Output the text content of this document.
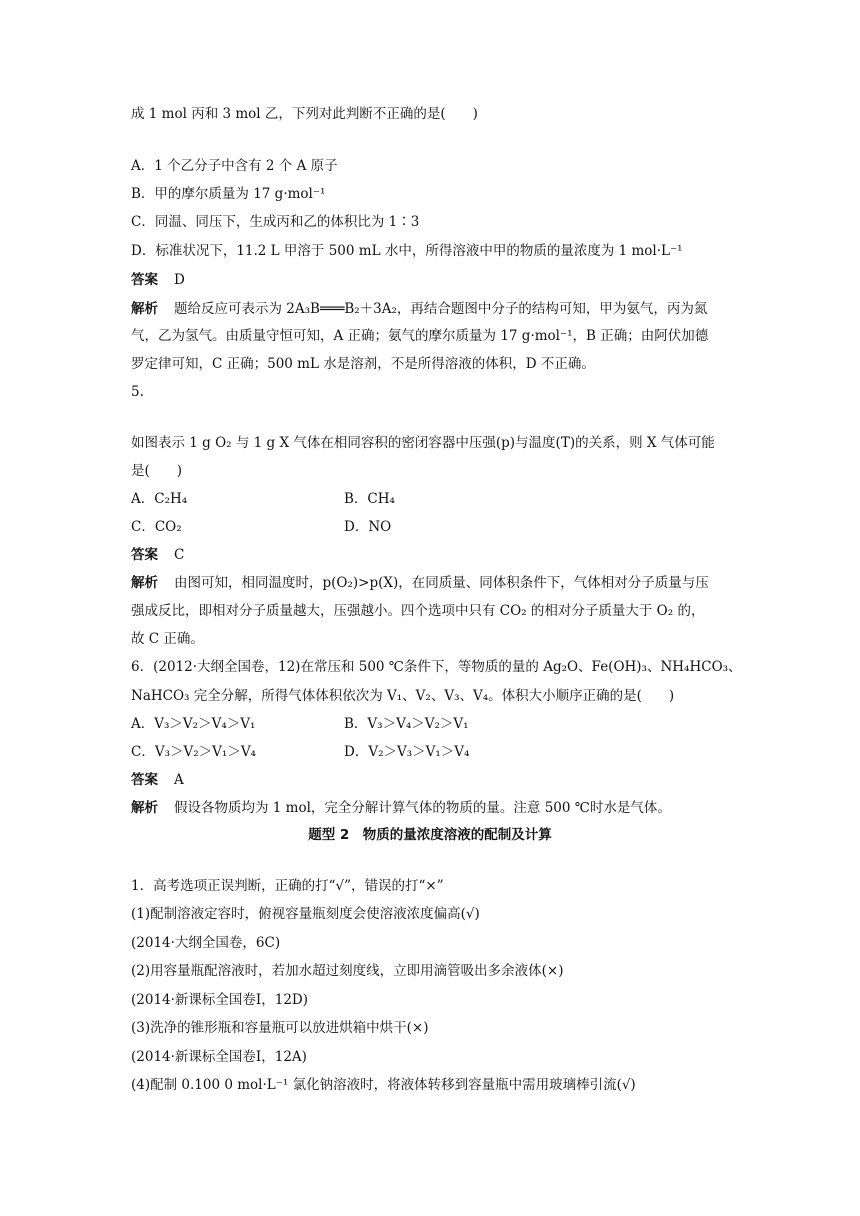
成 1 mol 丙和 3 mol 乙，下列对此判断不正确的是(　　)
A．1 个乙分子中含有 2 个 A 原子
B．甲的摩尔质量为 17 g·mol⁻¹
C．同温、同压下，生成丙和乙的体积比为 1∶3
D．标准状况下，11.2 L 甲溶于 500 mL 水中，所得溶液中甲的物质的量浓度为 1 mol·L⁻¹
答案 D
解析 题给反应可表示为 2A₃B═══B₂＋3A₂，再结合题图中分子的结构可知，甲为氨气，丙为氮
气，乙为氢气。由质量守恒可知，A 正确；氨气的摩尔质量为 17 g·mol⁻¹，B 正确；由阿伏加德
罗定律可知，C 正确；500 mL 水是溶剂，不是所得溶液的体积，D 不正确。
5.
如图表示 1 g O₂ 与 1 g X 气体在相同容积的密闭容器中压强(p)与温度(T)的关系，则 X 气体可能
是(　　)
A．C₂H₄	B．CH₄
C．CO₂	D．NO
答案 C
解析 由图可知，相同温度时，p(O₂)>p(X)，在同质量、同体积条件下，气体相对分子质量与压
强成反比，即相对分子质量越大，压强越小。四个选项中只有 CO₂ 的相对分子质量大于 O₂ 的，
故 C 正确。
6．(2012·大纲全国卷，12)在常压和 500 ℃条件下，等物质的量的 Ag₂O、Fe(OH)₃、NH₄HCO₃、
NaHCO₃ 完全分解，所得气体体积依次为 V₁、V₂、V₃、V₄。体积大小顺序正确的是(　　)
A．V₃＞V₂＞V₄＞V₁	B．V₃＞V₄＞V₂＞V₁
C．V₃＞V₂＞V₁＞V₄	D．V₂＞V₃＞V₁＞V₄
答案 A
解析 假设各物质均为 1 mol，完全分解计算气体的物质的量。注意 500 ℃时水是气体。
题型 2　物质的量浓度溶液的配制及计算
1．高考选项正误判断，正确的打“√”，错误的打“×”
(1)配制溶液定容时，俯视容量瓶刻度会使溶液浓度偏高(√)
(2014·大纲全国卷，6C)
(2)用容量瓶配溶液时，若加水超过刻度线，立即用滴管吸出多余液体(×)
(2014·新课标全国卷Ⅰ，12D)
(3)洗净的锥形瓶和容量瓶可以放进烘箱中烘干(×)
(2014·新课标全国卷Ⅰ，12A)
(4)配制 0.100 0 mol·L⁻¹ 氯化钠溶液时，将液体转移到容量瓶中需用玻璃棒引流(√)
